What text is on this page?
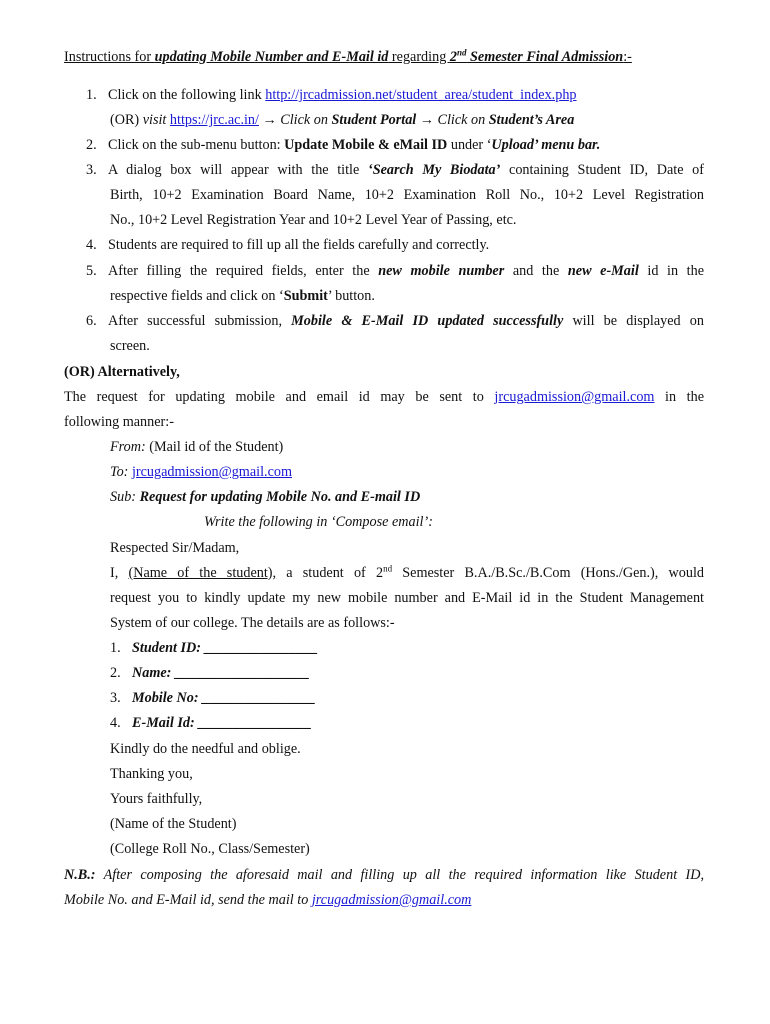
Instructions for updating Mobile Number and E-Mail id regarding 2nd Semester Final Admission:-
1. Click on the following link http://jrcadmission.net/student_area/student_index.php
(OR) visit https://jrc.ac.in/ → Click on Student Portal → Click on Student’s Area
2. Click on the sub-menu button: Update Mobile & eMail ID under ‘Upload’ menu bar.
3. A dialog box will appear with the title ‘Search My Biodata’ containing Student ID, Date of
Birth, 10+2 Examination Board Name, 10+2 Examination Roll No., 10+2 Level Registration
No., 10+2 Level Registration Year and 10+2 Level Year of Passing, etc.
4. Students are required to fill up all the fields carefully and correctly.
5. After filling the required fields, enter the new mobile number and the new e-Mail id in the
respective fields and click on ‘Submit’ button.
6. After successful submission, Mobile & E-Mail ID updated successfully will be displayed on
screen.
(OR) Alternatively,
The request for updating mobile and email id may be sent to jrcugadmission@gmail.com in the
following manner:-
From: (Mail id of the Student)
To: jrcugadmission@gmail.com
Sub: Request for updating Mobile No. and E-mail ID
Write the following in ‘Compose email’:
Respected Sir/Madam,
I, (Name of the student), a student of 2nd Semester B.A./B.Sc./B.Com (Hons./Gen.), would
request you to kindly update my new mobile number and E-Mail id in the Student Management
System of our college. The details are as follows:-
1. Student ID: ________________
2. Name: ___________________
3. Mobile No: ________________
4. E-Mail Id: ________________
Kindly do the needful and oblige.
Thanking you,
Yours faithfully,
(Name of the Student)
(College Roll No., Class/Semester)
N.B.: After composing the aforesaid mail and filling up all the required information like Student ID,
Mobile No. and E-Mail id, send the mail to jrcugadmission@gmail.com
